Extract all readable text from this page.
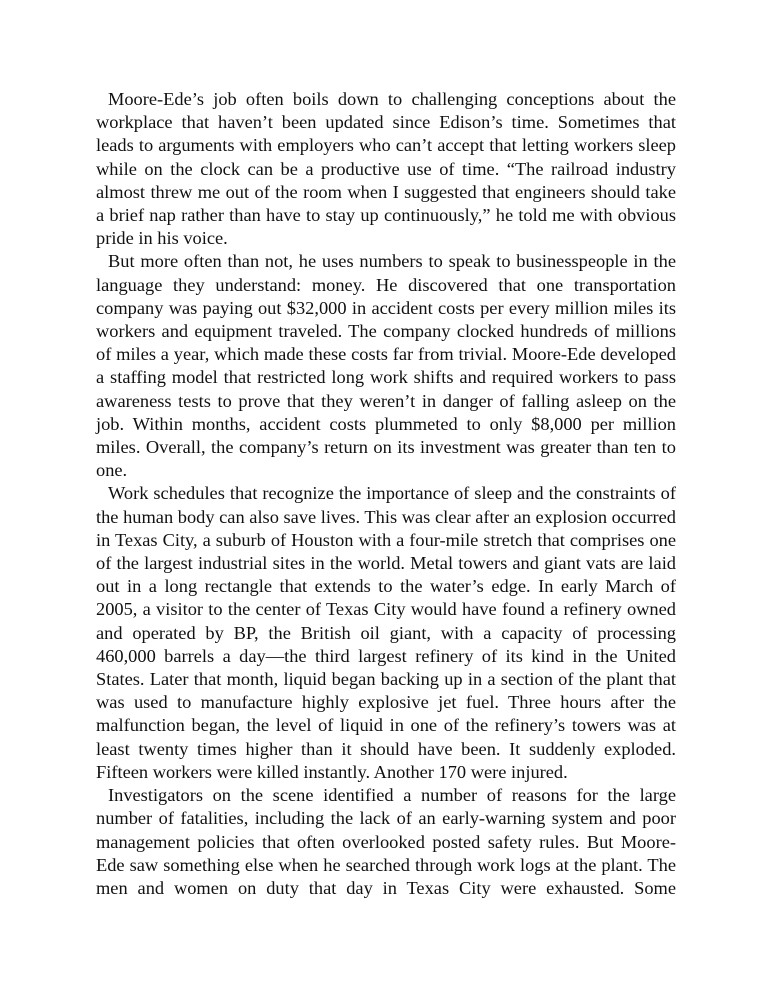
Moore-Ede’s job often boils down to challenging conceptions about the workplace that haven’t been updated since Edison’s time. Sometimes that leads to arguments with employers who can’t accept that letting workers sleep while on the clock can be a productive use of time. “The railroad industry almost threw me out of the room when I suggested that engineers should take a brief nap rather than have to stay up continuously,” he told me with obvious pride in his voice.

But more often than not, he uses numbers to speak to businesspeople in the language they understand: money. He discovered that one transportation company was paying out $32,000 in accident costs per every million miles its workers and equipment traveled. The company clocked hundreds of millions of miles a year, which made these costs far from trivial. Moore-Ede developed a staffing model that restricted long work shifts and required workers to pass awareness tests to prove that they weren’t in danger of falling asleep on the job. Within months, accident costs plummeted to only $8,000 per million miles. Overall, the company’s return on its investment was greater than ten to one.

Work schedules that recognize the importance of sleep and the constraints of the human body can also save lives. This was clear after an explosion occurred in Texas City, a suburb of Houston with a four-mile stretch that comprises one of the largest industrial sites in the world. Metal towers and giant vats are laid out in a long rectangle that extends to the water’s edge. In early March of 2005, a visitor to the center of Texas City would have found a refinery owned and operated by BP, the British oil giant, with a capacity of processing 460,000 barrels a day—the third largest refinery of its kind in the United States. Later that month, liquid began backing up in a section of the plant that was used to manufacture highly explosive jet fuel. Three hours after the malfunction began, the level of liquid in one of the refinery’s towers was at least twenty times higher than it should have been. It suddenly exploded. Fifteen workers were killed instantly. Another 170 were injured.

Investigators on the scene identified a number of reasons for the large number of fatalities, including the lack of an early-warning system and poor management policies that often overlooked posted safety rules. But Moore-Ede saw something else when he searched through work logs at the plant. The men and women on duty that day in Texas City were exhausted. Some
